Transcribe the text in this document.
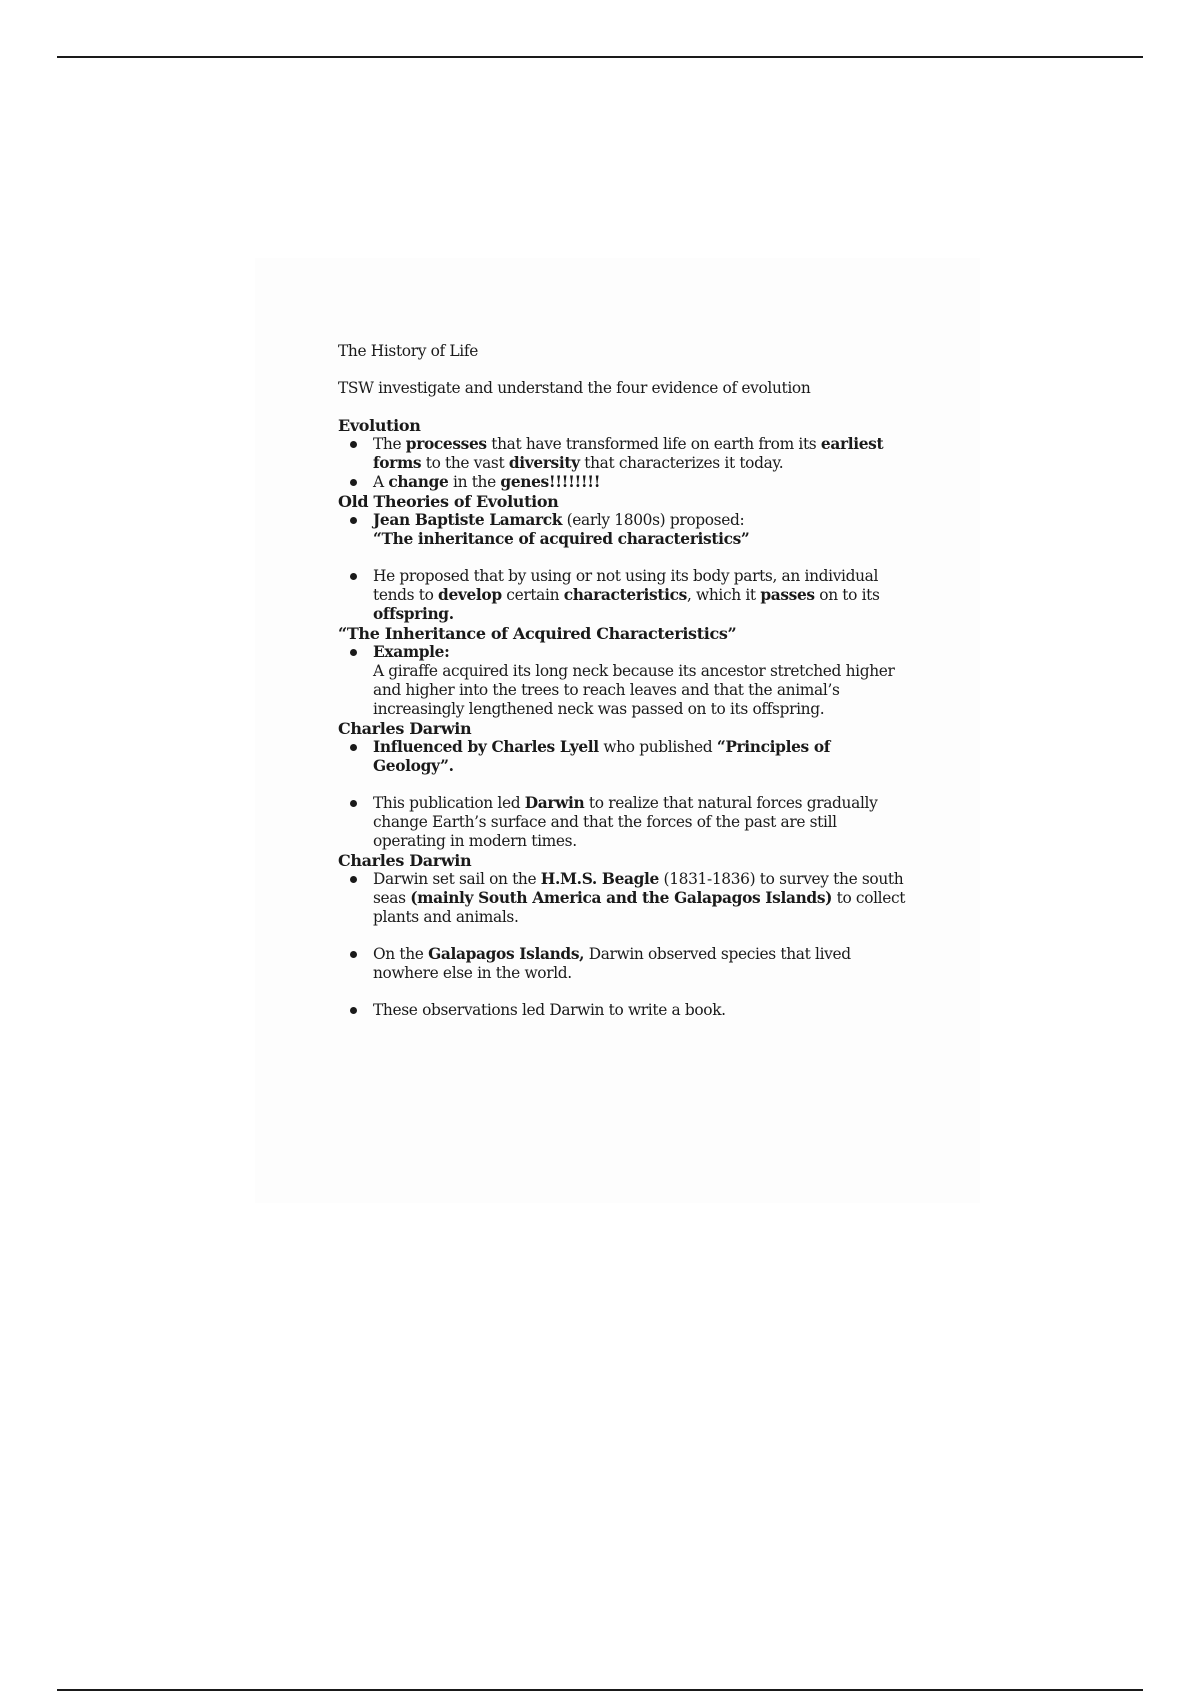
The History of Life

TSW investigate and understand the four evidence of evolution

Evolution

The processes that have transformed life on earth from its earliest forms to the vast diversity that characterizes it today.
A change in the genes!!!!!!!!

Old Theories of Evolution

Jean Baptiste Lamarck (early 1800s) proposed:
“The inheritance of acquired characteristics”
He proposed that by using or not using its body parts, an individual tends to develop certain characteristics, which it passes on to its offspring.

“The Inheritance of Acquired Characteristics”

Example:
A giraffe acquired its long neck because its ancestor stretched higher and higher into the trees to reach leaves and that the animal’s increasingly lengthened neck was passed on to its offspring.

Charles Darwin

Influenced by Charles Lyell who published “Principles of Geology”.
This publication led Darwin to realize that natural forces gradually change Earth’s surface and that the forces of the past are still operating in modern times.

Charles Darwin

Darwin set sail on the H.M.S. Beagle (1831-1836) to survey the south seas (mainly South America and the Galapagos Islands) to collect plants and animals.
On the Galapagos Islands, Darwin observed species that lived nowhere else in the world.
These observations led Darwin to write a book.
